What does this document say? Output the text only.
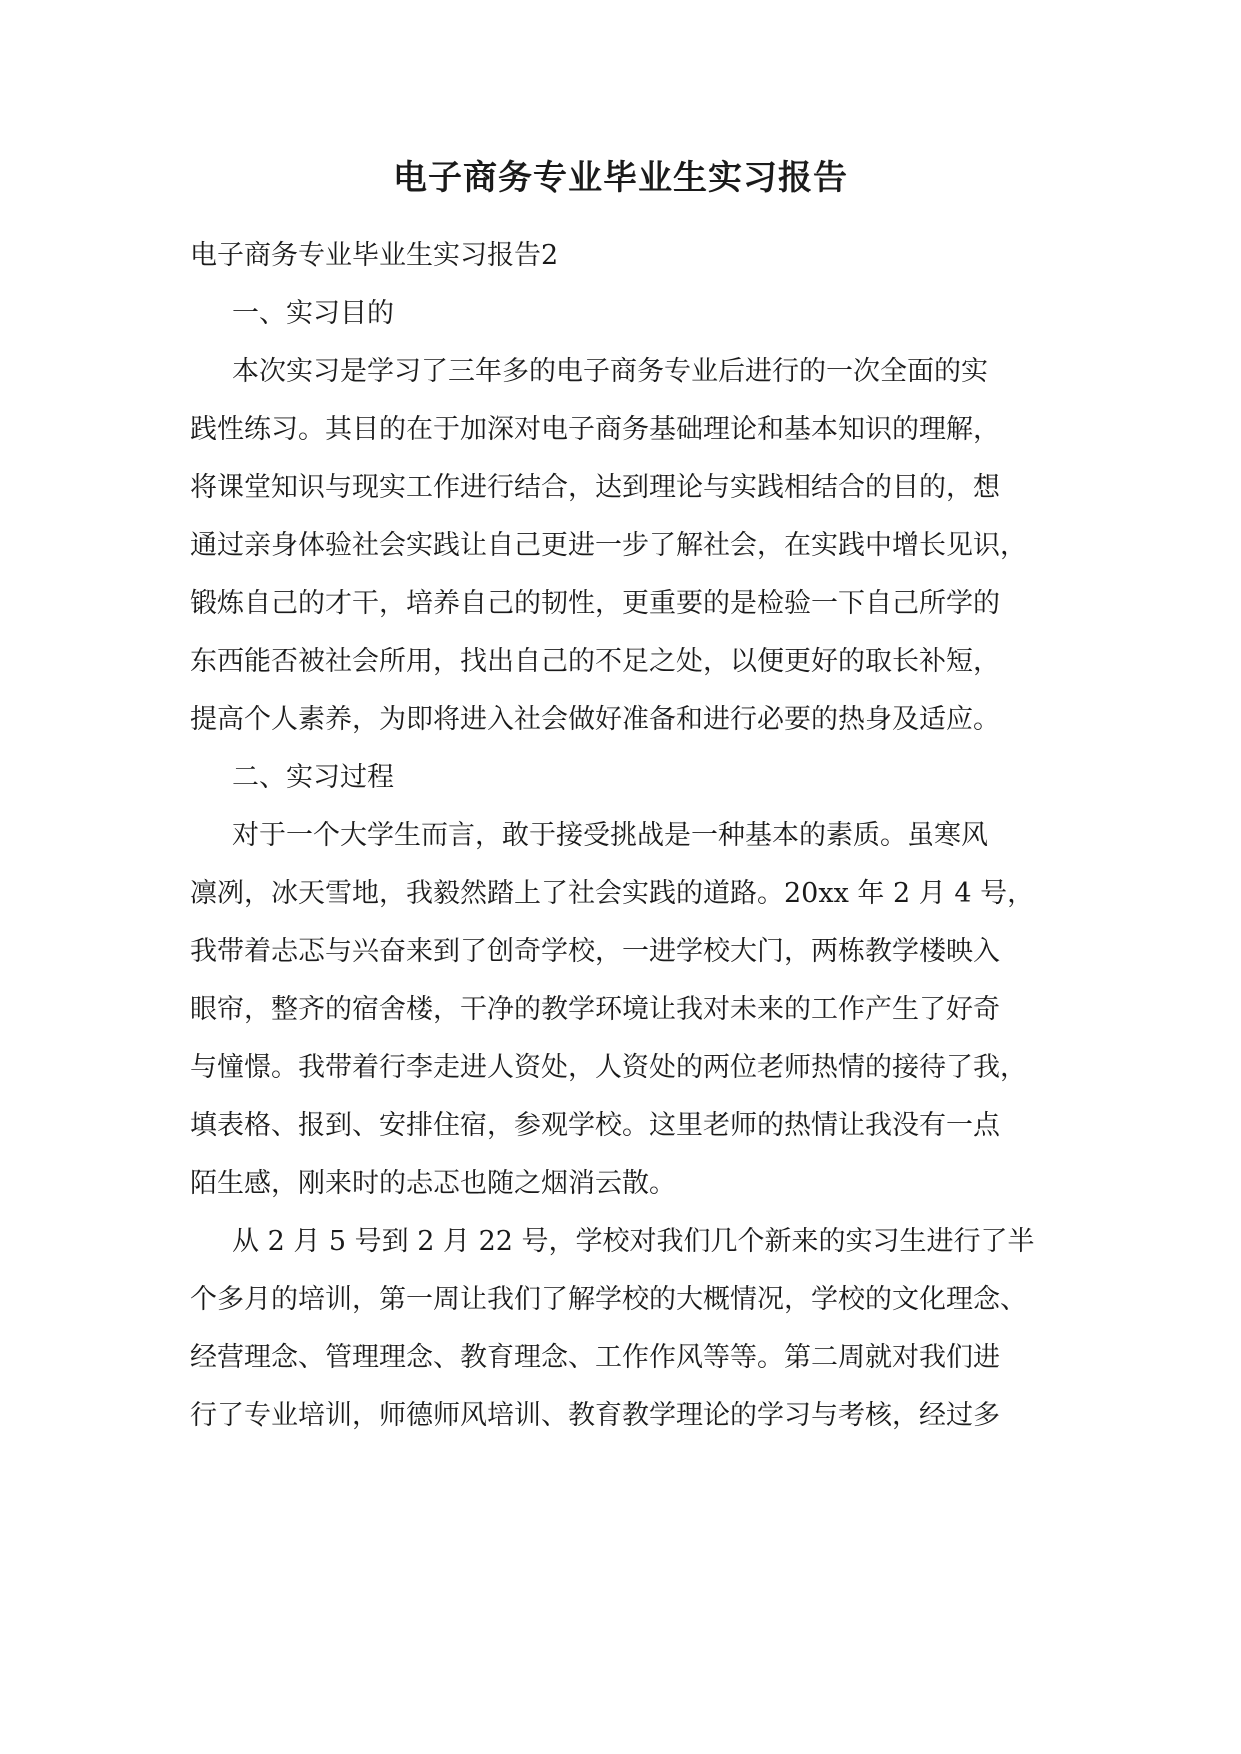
电子商务专业毕业生实习报告
电子商务专业毕业生实习报告2
一、实习目的
本次实习是学习了三年多的电子商务专业后进行的一次全面的实
践性练习。其目的在于加深对电子商务基础理论和基本知识的理解，
将课堂知识与现实工作进行结合，达到理论与实践相结合的目的，想
通过亲身体验社会实践让自己更进一步了解社会，在实践中增长见识，
锻炼自己的才干，培养自己的韧性，更重要的是检验一下自己所学的
东西能否被社会所用，找出自己的不足之处，以便更好的取长补短，
提高个人素养，为即将进入社会做好准备和进行必要的热身及适应。
二、实习过程
对于一个大学生而言，敢于接受挑战是一种基本的素质。虽寒风
凛冽，冰天雪地，我毅然踏上了社会实践的道路。20xx 年 2 月 4 号，
我带着忐忑与兴奋来到了创奇学校，一进学校大门，两栋教学楼映入
眼帘，整齐的宿舍楼，干净的教学环境让我对未来的工作产生了好奇
与憧憬。我带着行李走进人资处，人资处的两位老师热情的接待了我，
填表格、报到、安排住宿，参观学校。这里老师的热情让我没有一点
陌生感，刚来时的忐忑也随之烟消云散。
从 2 月 5 号到 2 月 22 号，学校对我们几个新来的实习生进行了半
个多月的培训，第一周让我们了解学校的大概情况，学校的文化理念、
经营理念、管理理念、教育理念、工作作风等等。第二周就对我们进
行了专业培训，师德师风培训、教育教学理论的学习与考核，经过多
